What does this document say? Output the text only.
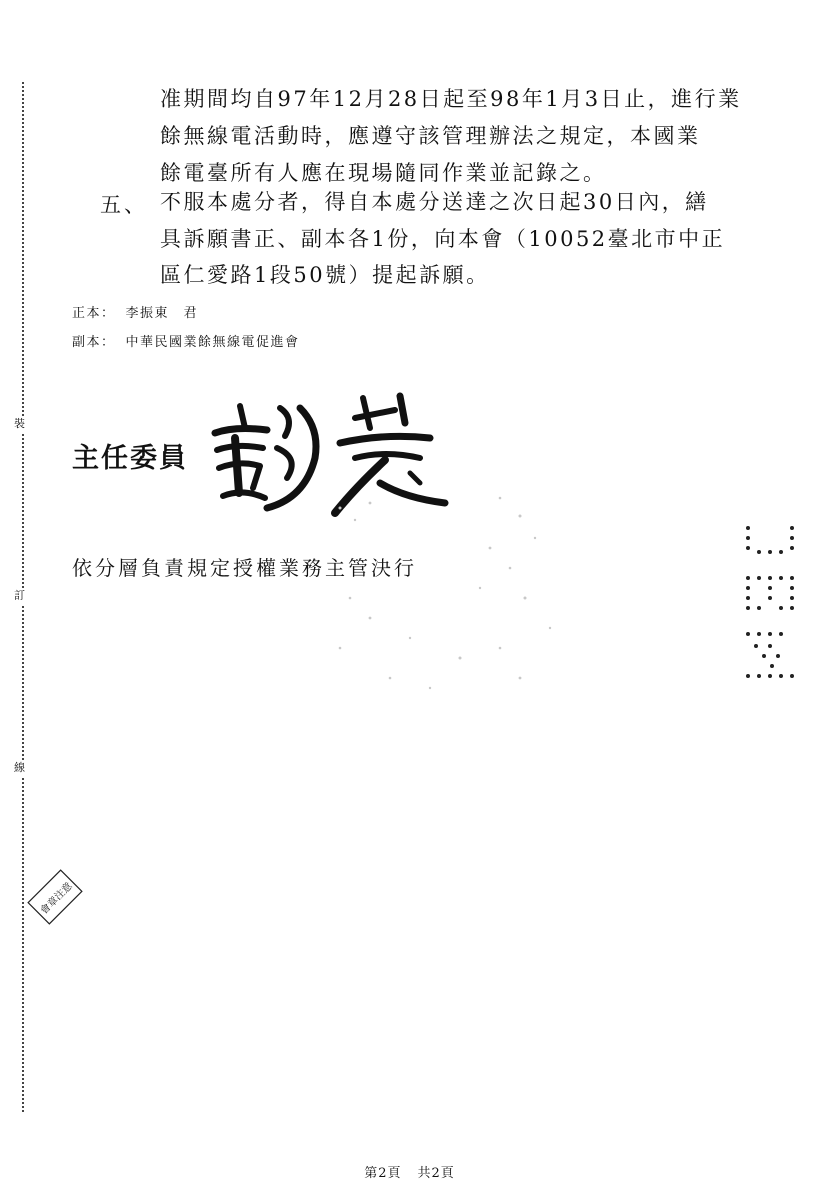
裝
訂
線
准期間均自97年12月28日起至98年1月3日止，進行業
餘無線電活動時，應遵守該管理辦法之規定，本國業
餘電臺所有人應在現場隨同作業並記錄之。
五、 不服本處分者，得自本處分送達之次日起30日內，繕
具訴願書正、副本各1份，向本會（10052臺北市中正
區仁愛路1段50號）提起訴願。
正本： 李振東　君
副本： 中華民國業餘無線電促進會
主任委員
依分層負責規定授權業務主管決行
會章注意
第2頁 共2頁
